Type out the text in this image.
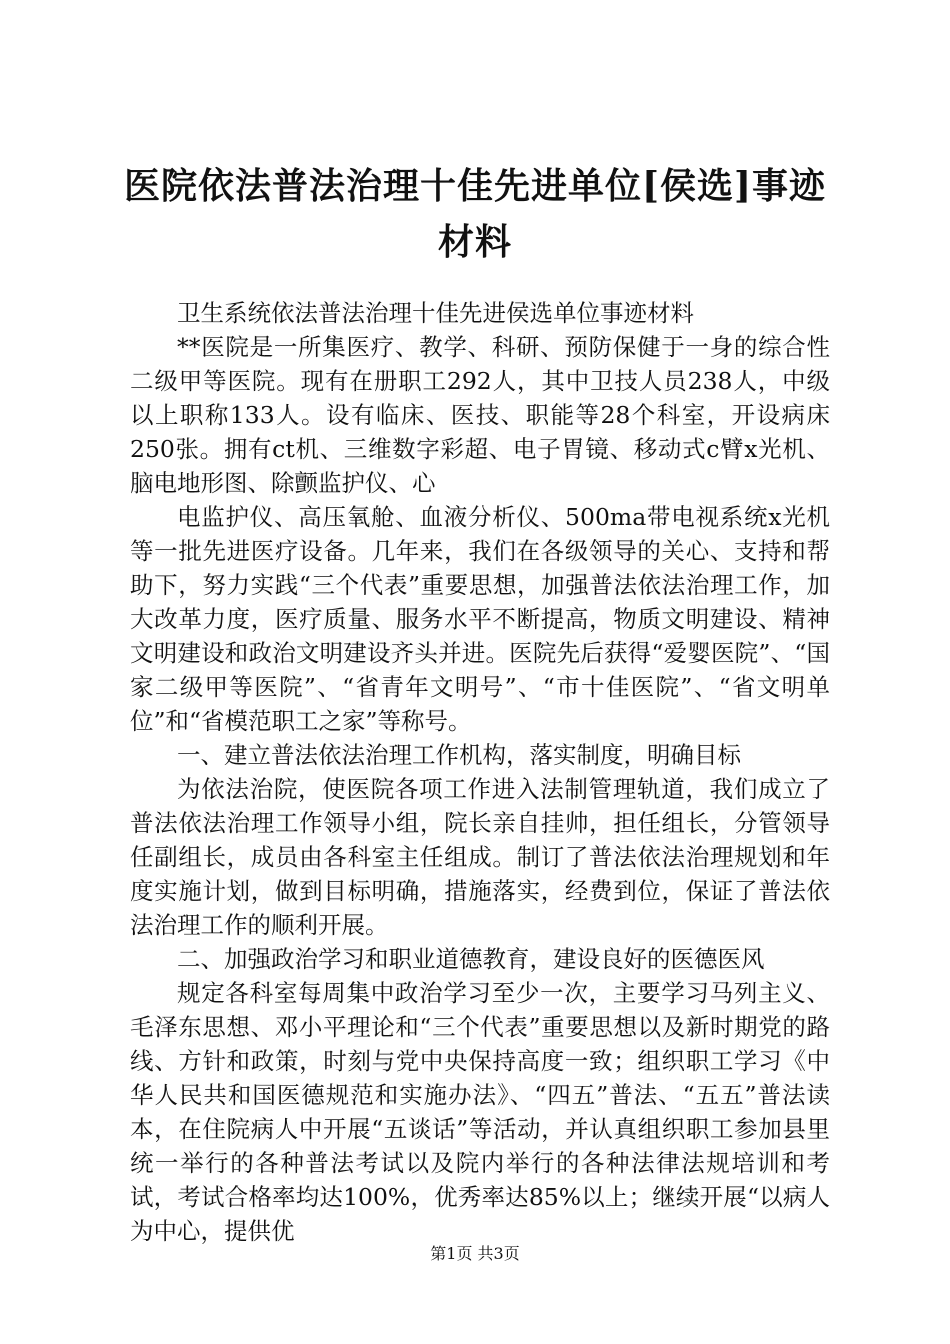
医院依法普法治理十佳先进单位[侯选]事迹材料

卫生系统依法普法治理十佳先进侯选单位事迹材料

**医院是一所集医疗、教学、科研、预防保健于一身的综合性二级甲等医院。现有在册职工292人，其中卫技人员238人，中级以上职称133人。设有临床、医技、职能等28个科室，开设病床250张。拥有ct机、三维数字彩超、电子胃镜、移动式c臂x光机、脑电地形图、除颤监护仪、心

电监护仪、高压氧舱、血液分析仪、500ma带电视系统x光机等一批先进医疗设备。几年来，我们在各级领导的关心、支持和帮助下，努力实践“三个代表”重要思想，加强普法依法治理工作，加大改革力度，医疗质量、服务水平不断提高，物质文明建设、精神文明建设和政治文明建设齐头并进。医院先后获得“爱婴医院”、“国家二级甲等医院”、“省青年文明号”、“市十佳医院”、“省文明单位”和“省模范职工之家”等称号。

一、建立普法依法治理工作机构，落实制度，明确目标

为依法治院，使医院各项工作进入法制管理轨道，我们成立了普法依法治理工作领导小组，院长亲自挂帅，担任组长，分管领导任副组长，成员由各科室主任组成。制订了普法依法治理规划和年度实施计划，做到目标明确，措施落实，经费到位，保证了普法依法治理工作的顺利开展。

二、加强政治学习和职业道德教育，建设良好的医德医风

规定各科室每周集中政治学习至少一次，主要学习马列主义、毛泽东思想、邓小平理论和“三个代表”重要思想以及新时期党的路线、方针和政策，时刻与党中央保持高度一致；组织职工学习《中华人民共和国医德规范和实施办法》、“四五”普法、“五五”普法读本，在住院病人中开展“五谈话”等活动，并认真组织职工参加县里统一举行的各种普法考试以及院内举行的各种法律法规培训和考试，考试合格率均达100%，优秀率达85%以上；继续开展“以病人为中心，提供优

第1页 共3页
